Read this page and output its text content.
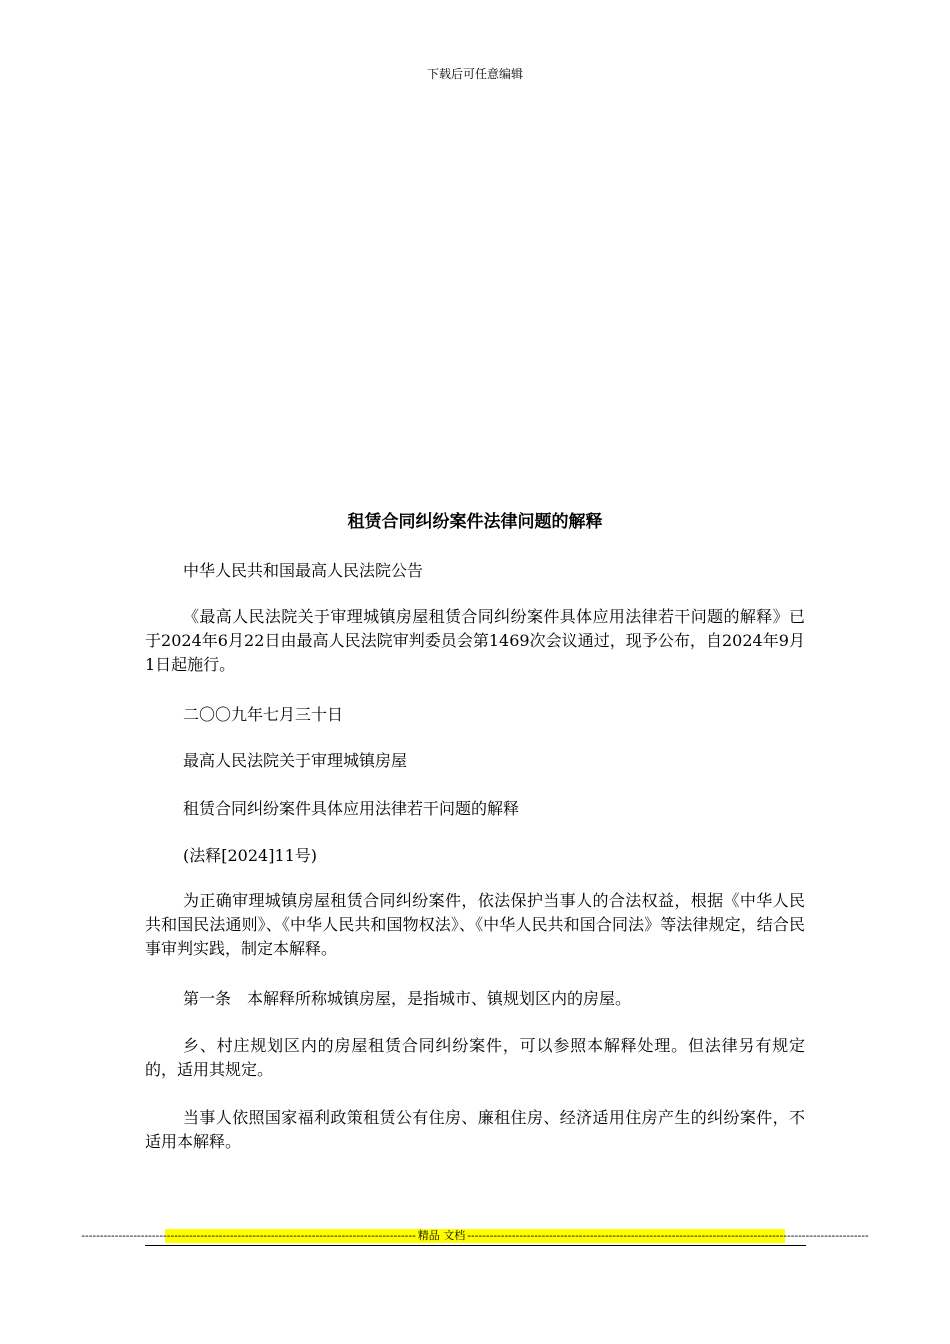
下载后可任意编辑
租赁合同纠纷案件法律问题的解释
中华人民共和国最高人民法院公告
《最高人民法院关于审理城镇房屋租赁合同纠纷案件具体应用法律若干问题的解释》已于2024年6月22日由最高人民法院审判委员会第1469次会议通过，现予公布，自2024年9月1日起施行。
二〇〇九年七月三十日
最高人民法院关于审理城镇房屋
租赁合同纠纷案件具体应用法律若干问题的解释
(法释[2024]11号)
为正确审理城镇房屋租赁合同纠纷案件，依法保护当事人的合法权益，根据《中华人民共和国民法通则》、《中华人民共和国物权法》、《中华人民共和国合同法》等法律规定，结合民事审判实践，制定本解释。
第一条　本解释所称城镇房屋，是指城市、镇规划区内的房屋。
乡、村庄规划区内的房屋租赁合同纠纷案件，可以参照本解释处理。但法律另有规定的，适用其规定。
当事人依照国家福利政策租赁公有住房、廉租住房、经济适用住房产生的纠纷案件，不适用本解释。
------------------------------------------------------------------------------------------ 精品 文档 ------------------------------------------------------------------------------------------------------------
